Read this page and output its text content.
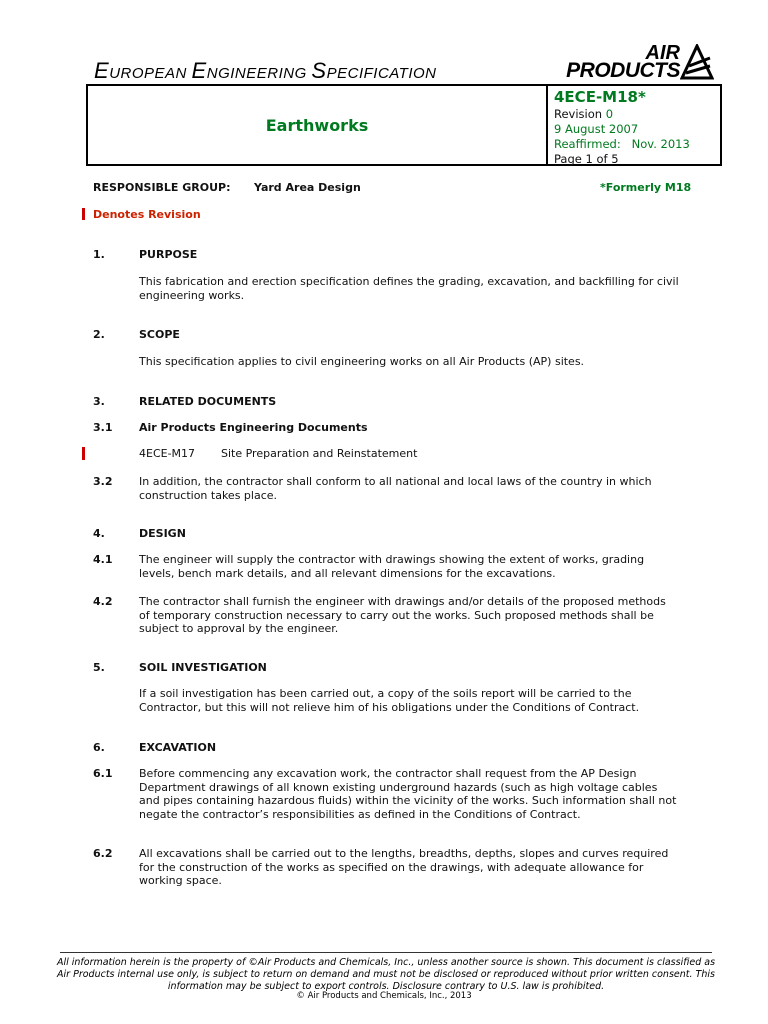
EUROPEAN ENGINEERING SPECIFICATION
AIR
PRODUCTS
Earthworks
4ECE-M18*
Revision 0
9 August 2007
Reaffirmed: Nov. 2013
Page 1 of 5
RESPONSIBLE GROUP: Yard Area Design	*Formerly M18
Denotes Revision
1.	PURPOSE
This fabrication and erection specification defines the grading, excavation, and backfilling for civil engineering works.
2.	SCOPE
This specification applies to civil engineering works on all Air Products (AP) sites.
3.	RELATED DOCUMENTS
3.1 Air Products Engineering Documents
4ECE-M17 Site Preparation and Reinstatement
3.2 In addition, the contractor shall conform to all national and local laws of the country in which construction takes place.
4.	DESIGN
4.1 The engineer will supply the contractor with drawings showing the extent of works, grading levels, bench mark details, and all relevant dimensions for the excavations.
4.2 The contractor shall furnish the engineer with drawings and/or details of the proposed methods of temporary construction necessary to carry out the works. Such proposed methods shall be subject to approval by the engineer.
5.	SOIL INVESTIGATION
If a soil investigation has been carried out, a copy of the soils report will be carried to the Contractor, but this will not relieve him of his obligations under the Conditions of Contract.
6.	EXCAVATION
6.1 Before commencing any excavation work, the contractor shall request from the AP Design Department drawings of all known existing underground hazards (such as high voltage cables and pipes containing hazardous fluids) within the vicinity of the works. Such information shall not negate the contractor’s responsibilities as defined in the Conditions of Contract.
6.2 All excavations shall be carried out to the lengths, breadths, depths, slopes and curves required for the construction of the works as specified on the drawings, with adequate allowance for working space.
All information herein is the property of ©Air Products and Chemicals, Inc., unless another source is shown. This document is classified as Air Products internal use only, is subject to return on demand and must not be disclosed or reproduced without prior written consent. This information may be subject to export controls. Disclosure contrary to U.S. law is prohibited.
© Air Products and Chemicals, Inc., 2013
